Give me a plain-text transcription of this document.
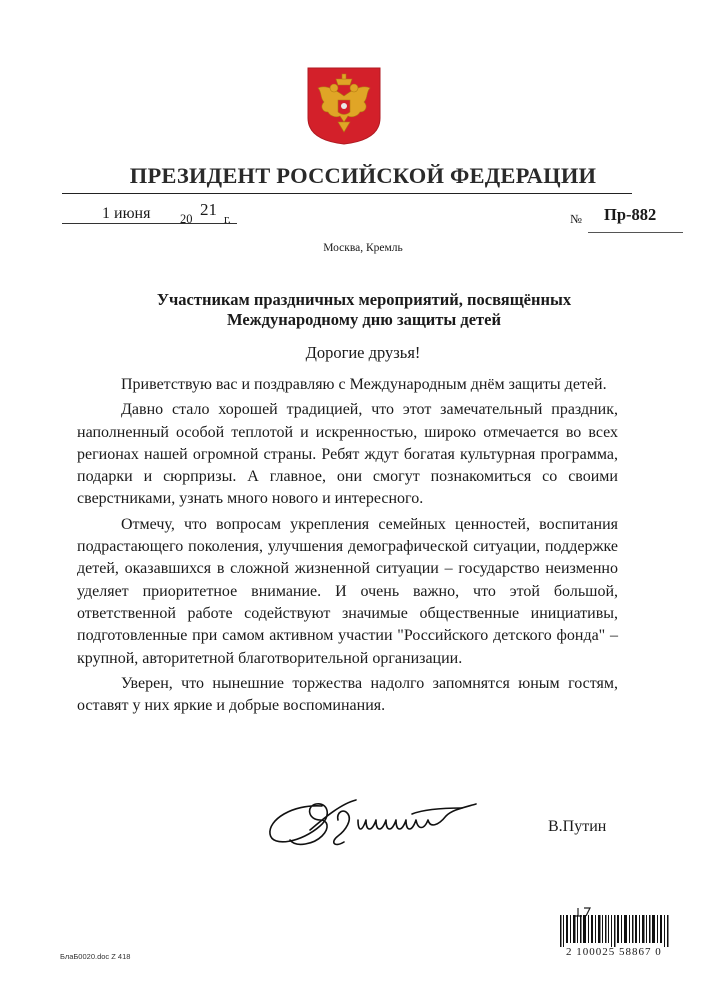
ПРЕЗИДЕНТ РОССИЙСКОЙ ФЕДЕРАЦИИ
1 июня 20 21 г.	№ Пр-882
Москва, Кремль
Участникам праздничных мероприятий, посвящённых
Международному дню защиты детей
Дорогие друзья!

Приветствую вас и поздравляю с Международным днём защиты детей.

Давно стало хорошей традицией, что этот замечательный праздник, наполненный особой теплотой и искренностью, широко отмечается во всех регионах нашей огромной страны. Ребят ждут богатая культурная программа, подарки и сюрпризы. А главное, они смогут познакомиться со своими сверстниками, узнать много нового и интересного.

Отмечу, что вопросам укрепления семейных ценностей, воспитания подрастающего поколения, улучшения демографической ситуации, поддержке детей, оказавшихся в сложной жизненной ситуации – государство неизменно уделяет приоритетное внимание. И очень важно, что этой большой, ответственной работе содействуют значимые общественные инициативы, подготовленные при самом активном участии "Российского детского фонда" – крупной, авторитетной благотворительной организации.

Уверен, что нынешние торжества надолго запомнятся юным гостям, оставят у них яркие и добрые воспоминания.

В.Путин
2 100025 58867 0
БлаБ0020.doc Z 418
